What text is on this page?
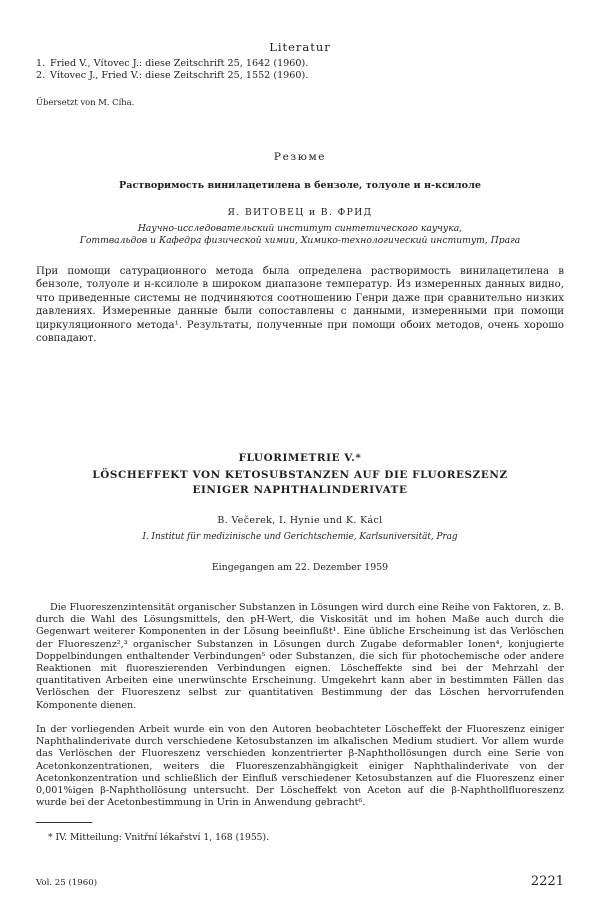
Literatur
1. Fried V., Vítovec J.: diese Zeitschrift 25, 1642 (1960).
2. Vítovec J., Fried V.: diese Zeitschrift 25, 1552 (1960).
Übersetzt von M. Cíha.
Резюме
Растворимость винилацетилена в бензоле, толуоле и н-ксилоле
Я. ВИТОВЕЦ и В. ФРИД
Научно-исследовательский институт синтетического каучука,
Готтвальдов и Кафедра физической химии, Химико-технологический институт, Прага
При помощи сатурационного метода была определена растворимость винилацетилена в бензоле, толуоле и н-ксилоле в широком диапазоне температур. Из измеренных данных видно, что приведенные системы не подчиняются соотношению Генри даже при сравнительно низких давлениях. Измеренные данные были сопоставлены с данными, измеренными при помощи циркуляционного метода¹. Результаты, полученные при помощи обоих методов, очень хорошо совпадают.
FLUORIMETRIE V.*
LÖSCHEFFEKT VON KETOSUBSTANZEN AUF DIE FLUORESZENZ EINIGER NAPHTHALINDERIVATE
B. Večerek, I. Hynie und K. Kácl
I. Institut für medizinische und Gerichtschemie, Karlsuniversität, Prag
Eingegangen am 22. Dezember 1959
Die Fluoreszenzintensität organischer Substanzen in Lösungen wird durch eine Reihe von Faktoren, z. B. durch die Wahl des Lösungsmittels, den pH-Wert, die Viskosität und im hohen Maße auch durch die Gegenwart weiterer Komponenten in der Lösung beeinflußt¹. Eine übliche Erscheinung ist das Verlöschen der Fluoreszenz²,³ organischer Substanzen in Lösungen durch Zugabe deformabler Ionen⁴, konjugierte Doppelbindungen enthaltender Verbindungen⁵ oder Substanzen, die sich für photochemische oder andere Reaktionen mit fluoreszierenden Verbindungen eignen. Löscheffekte sind bei der Mehrzahl der quantitativen Arbeiten eine unerwünschte Erscheinung. Umgekehrt kann aber in bestimmten Fällen das Verlöschen der Fluoreszenz selbst zur quantitativen Bestimmung der das Löschen hervorrufenden Komponente dienen.
In der vorliegenden Arbeit wurde ein von den Autoren beobachteter Löscheffekt der Fluoreszenz einiger Naphthalinderivate durch verschiedene Ketosubstanzen im alkalischen Medium studiert. Vor allem wurde das Verlöschen der Fluoreszenz verschieden konzentrierter β-Naphthollösungen durch eine Serie von Acetonkonzentrationen, weiters die Fluoreszenzabhängigkeit einiger Naphthalinderivate von der Acetonkonzentration und schließlich der Einfluß verschiedener Ketosubstanzen auf die Fluoreszenz einer 0,001%igen β-Naphthollösung untersucht. Der Löscheffekt von Aceton auf die β-Naphthollfluoreszenz wurde bei der Acetonbestimmung in Urin in Anwendung gebracht⁶.
* IV. Mitteilung: Vnitřní lékařství 1, 168 (1955).
Vol. 25 (1960)	2221
